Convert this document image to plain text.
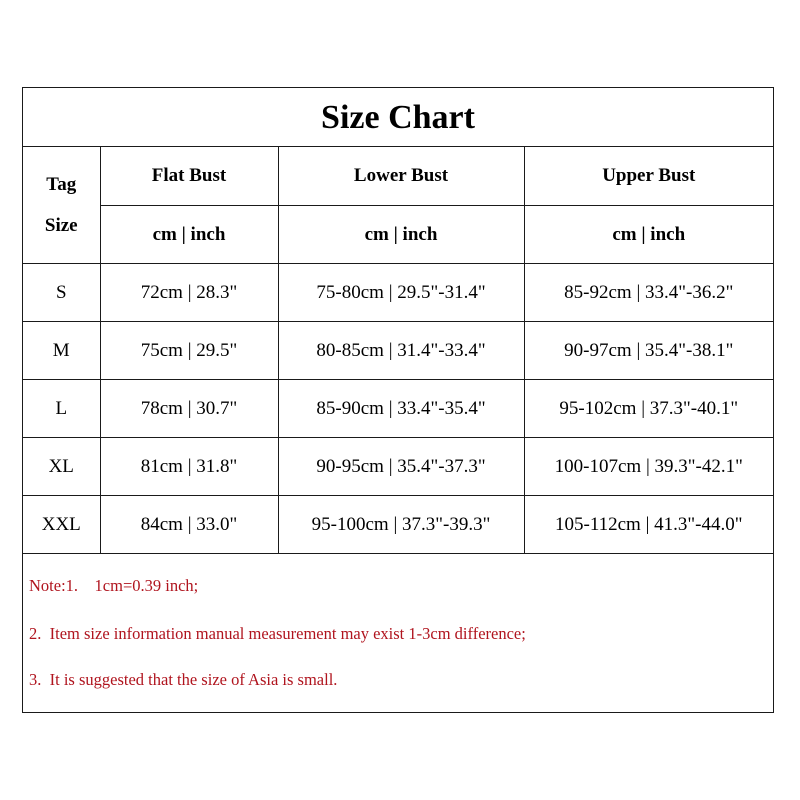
Size Chart
Tag
Size	Flat Bust	Lower Bust	Upper Bust
	cm | inch	cm | inch	cm | inch
S	72cm | 28.3"	75-80cm | 29.5"-31.4"	85-92cm | 33.4"-36.2"
M	75cm | 29.5"	80-85cm | 31.4"-33.4"	90-97cm | 35.4"-38.1"
L	78cm | 30.7"	85-90cm | 33.4"-35.4"	95-102cm | 37.3"-40.1"
XL	81cm | 31.8"	90-95cm | 35.4"-37.3"	100-107cm | 39.3"-42.1"
XXL	84cm | 33.0"	95-100cm | 37.3"-39.3"	105-112cm | 41.3"-44.0"
Note:1.    1cm=0.39 inch;
2.  Item size information manual measurement may exist 1-3cm difference;
3.  It is suggested that the size of Asia is small.
